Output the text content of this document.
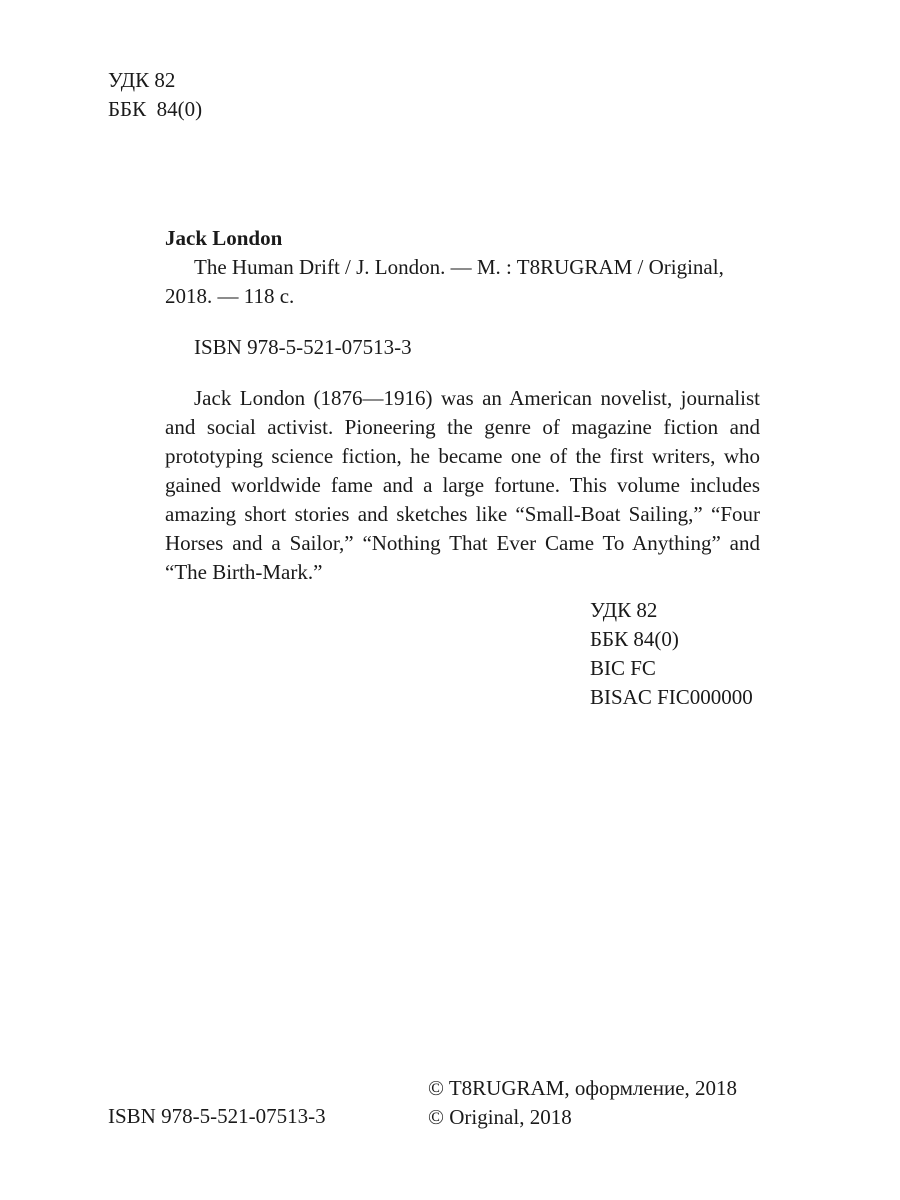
УДК 82
ББК  84(0)
Jack London
The Human Drift / J. London. — M. : T8RUGRAM / Original, 2018. — 118 с.
ISBN 978-5-521-07513-3
Jack London (1876—1916) was an American novelist, journalist and social activist. Pioneering the genre of magazine fiction and prototyping science fiction, he became one of the first writers, who gained worldwide fame and a large fortune. This volume includes amazing short stories and sketches like “Small-Boat Sailing,” “Four Horses and a Sailor,” “Nothing That Ever Came To Anything” and “The Birth-Mark.”
УДК 82
ББК 84(0)
BIC FC
BISAC FIC000000
ISBN 978-5-521-07513-3
© T8RUGRAM, оформление, 2018
© Original, 2018
